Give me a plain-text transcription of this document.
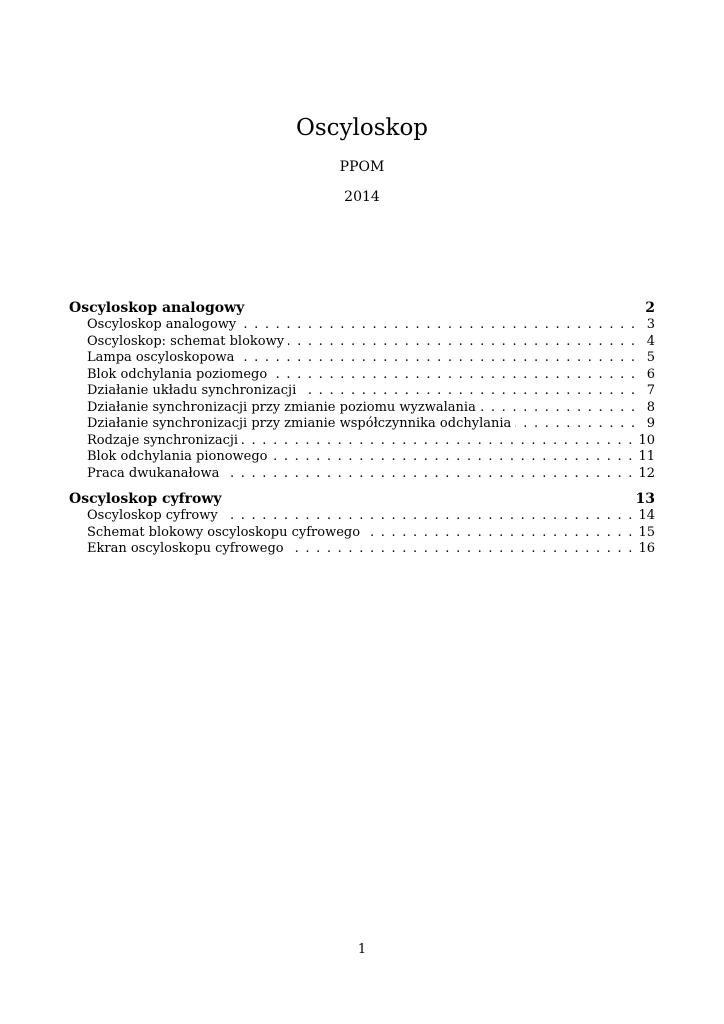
Oscyloskop
PPOM
2014
Oscyloskop analogowy	2
Oscyloskop analogowy . . .	3
Oscyloskop: schemat blokowy . . .	4
Lampa oscyloskopowa . . .	5
Blok odchylania poziomego . . .	6
Działanie układu synchronizacji . . .	7
Działanie synchronizacji przy zmianie poziomu wyzwalania . . .	8
Działanie synchronizacji przy zmianie współczynnika odchylania . . .	9
Rodzaje synchronizacji . . .	10
Blok odchylania pionowego . . .	11
Praca dwukanałowa . . .	12
Oscyloskop cyfrowy	13
Oscyloskop cyfrowy . . .	14
Schemat blokowy oscyloskopu cyfrowego . . .	15
Ekran oscyloskopu cyfrowego . . .	16
1
